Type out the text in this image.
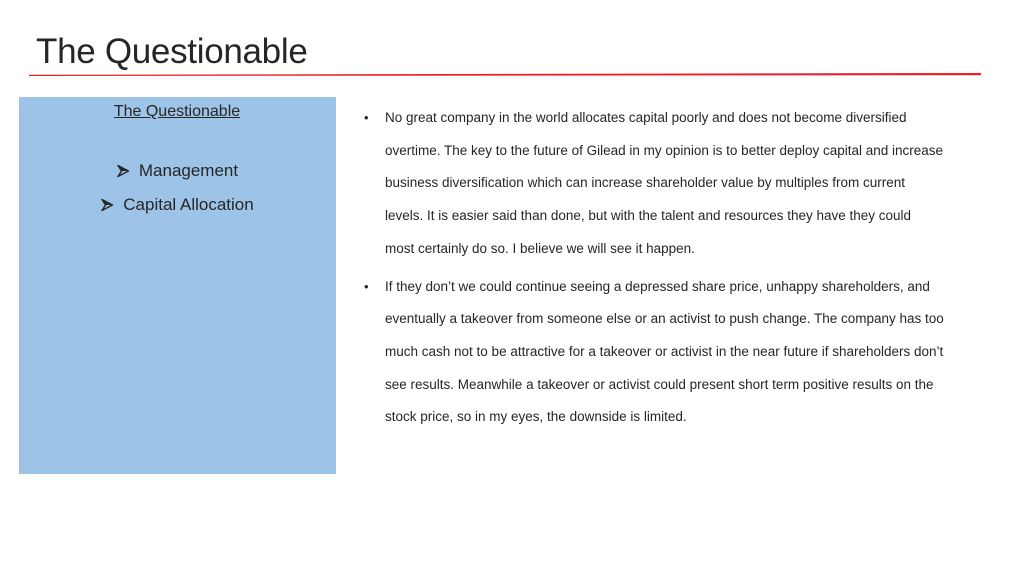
The Questionable
The Questionable
Management
Capital Allocation
• No great company in the world allocates capital poorly and does not become diversified overtime. The key to the future of Gilead in my opinion is to better deploy capital and increase business diversification which can increase shareholder value by multiples from current levels. It is easier said than done, but with the talent and resources they have they could most certainly do so. I believe we will see it happen.
• If they don’t we could continue seeing a depressed share price, unhappy shareholders, and eventually a takeover from someone else or an activist to push change. The company has too much cash not to be attractive for a takeover or activist in the near future if shareholders don’t see results. Meanwhile a takeover or activist could present short term positive results on the stock price, so in my eyes, the downside is limited.
